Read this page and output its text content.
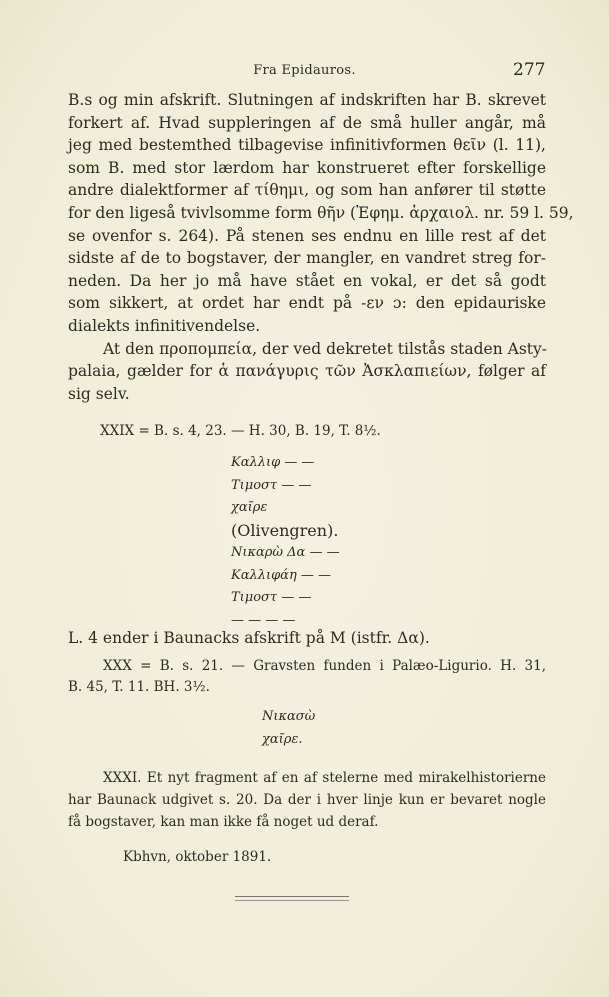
Fra Epidauros.	277
B.s og min afskrift. Slutningen af indskriften har B. skrevet
forkert af. Hvad suppleringen af de små huller angår, må
jeg med bestemthed tilbagevise infinitivformen θεῖν (l. 11),
som B. med stor lærdom har konstrueret efter forskellige
andre dialektformer af τίθημι, og som han anfører til støtte
for den ligeså tvivlsomme form θῆν (Ἐφημ. ἀρχαιολ. nr. 59 l. 59,
se ovenfor s. 264). På stenen ses endnu en lille rest af det
sidste af de to bogstaver, der mangler, en vandret streg for-
neden. Da her jo må have stået en vokal, er det så godt
som sikkert, at ordet har endt på -εν ɔ: den epidauriske
dialekts infinitivendelse.
At den προπομπεία, der ved dekretet tilstås staden Asty-
palaia, gælder for ἁ πανάγυρις τῶν Ἀσκλαπιείων, følger af
sig selv.
XXIX = B. s. 4, 23. — H. 30, B. 19, T. 8½.
Καλλιφ — —
Τιμοστ — —
χαῖρε
(Olivengren).
Νικαρὼ Δα — —
Καλλιφάη — —
Τιμοστ — —
— — — —
L. 4 ender i Baunacks afskrift på M (istfr. Δα).
XXX = B. s. 21. — Gravsten funden i Palæo-Ligurio. H. 31,
B. 45, T. 11. BH. 3½.
Νικασὼ
χαῖρε.
XXXI. Et nyt fragment af en af stelerne med mirakelhistorierne
har Baunack udgivet s. 20. Da der i hver linje kun er bevaret nogle
få bogstaver, kan man ikke få noget ud deraf.
Kbhvn, oktober 1891.
